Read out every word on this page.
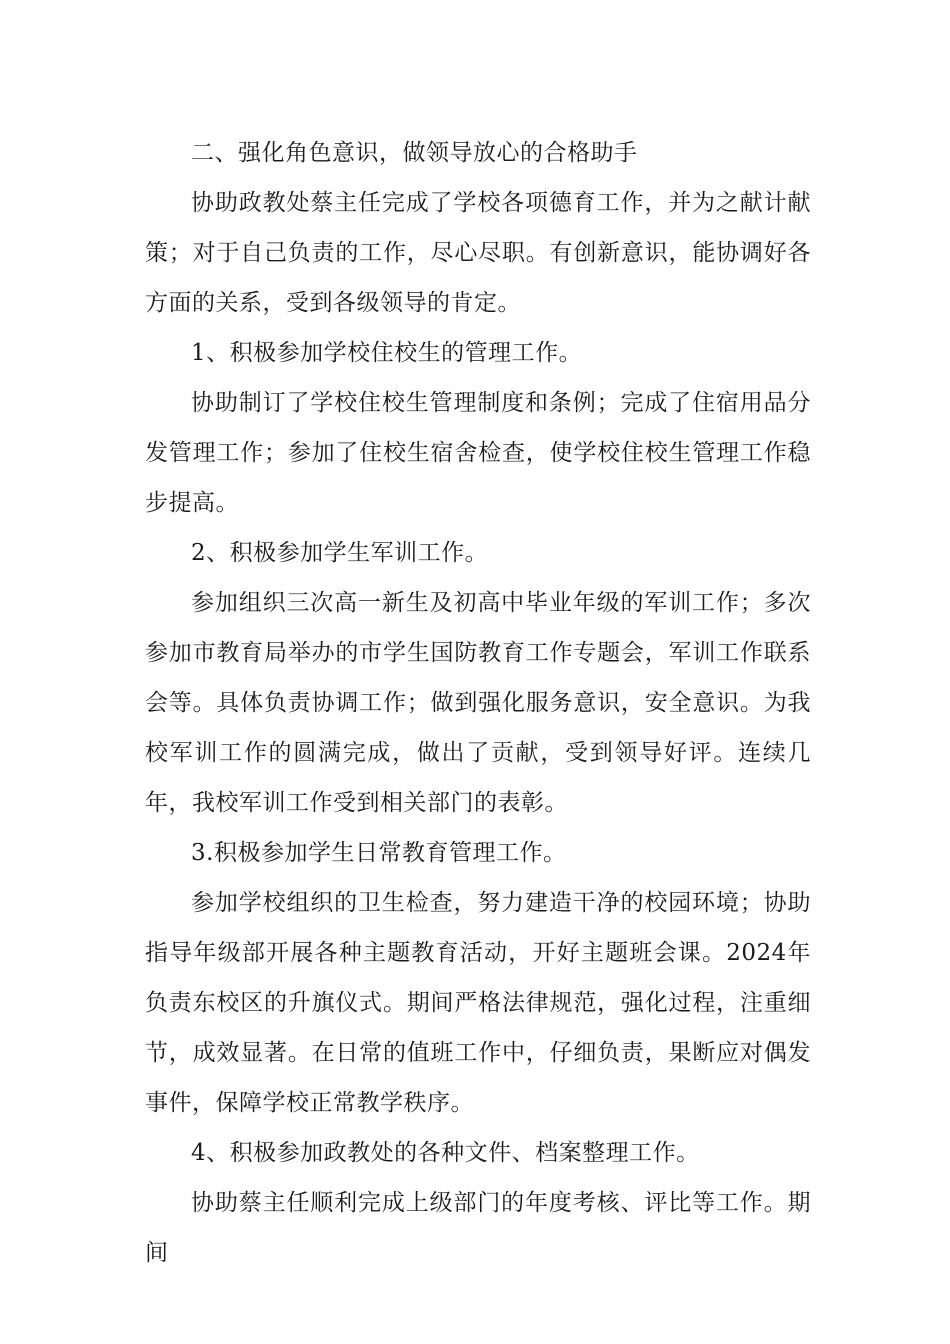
二、强化角色意识，做领导放心的合格助手

协助政教处蔡主任完成了学校各项德育工作，并为之献计献策；对于自己负责的工作，尽心尽职。有创新意识，能协调好各方面的关系，受到各级领导的肯定。

1、积极参加学校住校生的管理工作。

协助制订了学校住校生管理制度和条例；完成了住宿用品分发管理工作；参加了住校生宿舍检查，使学校住校生管理工作稳步提高。

2、积极参加学生军训工作。

参加组织三次高一新生及初高中毕业年级的军训工作；多次参加市教育局举办的市学生国防教育工作专题会，军训工作联系会等。具体负责协调工作；做到强化服务意识，安全意识。为我校军训工作的圆满完成，做出了贡献，受到领导好评。连续几年，我校军训工作受到相关部门的表彰。

3.积极参加学生日常教育管理工作。

参加学校组织的卫生检查，努力建造干净的校园环境；协助指导年级部开展各种主题教育活动，开好主题班会课。2024年负责东校区的升旗仪式。期间严格法律规范，强化过程，注重细节，成效显著。在日常的值班工作中，仔细负责，果断应对偶发事件，保障学校正常教学秩序。

4、积极参加政教处的各种文件、档案整理工作。

协助蔡主任顺利完成上级部门的年度考核、评比等工作。期间
